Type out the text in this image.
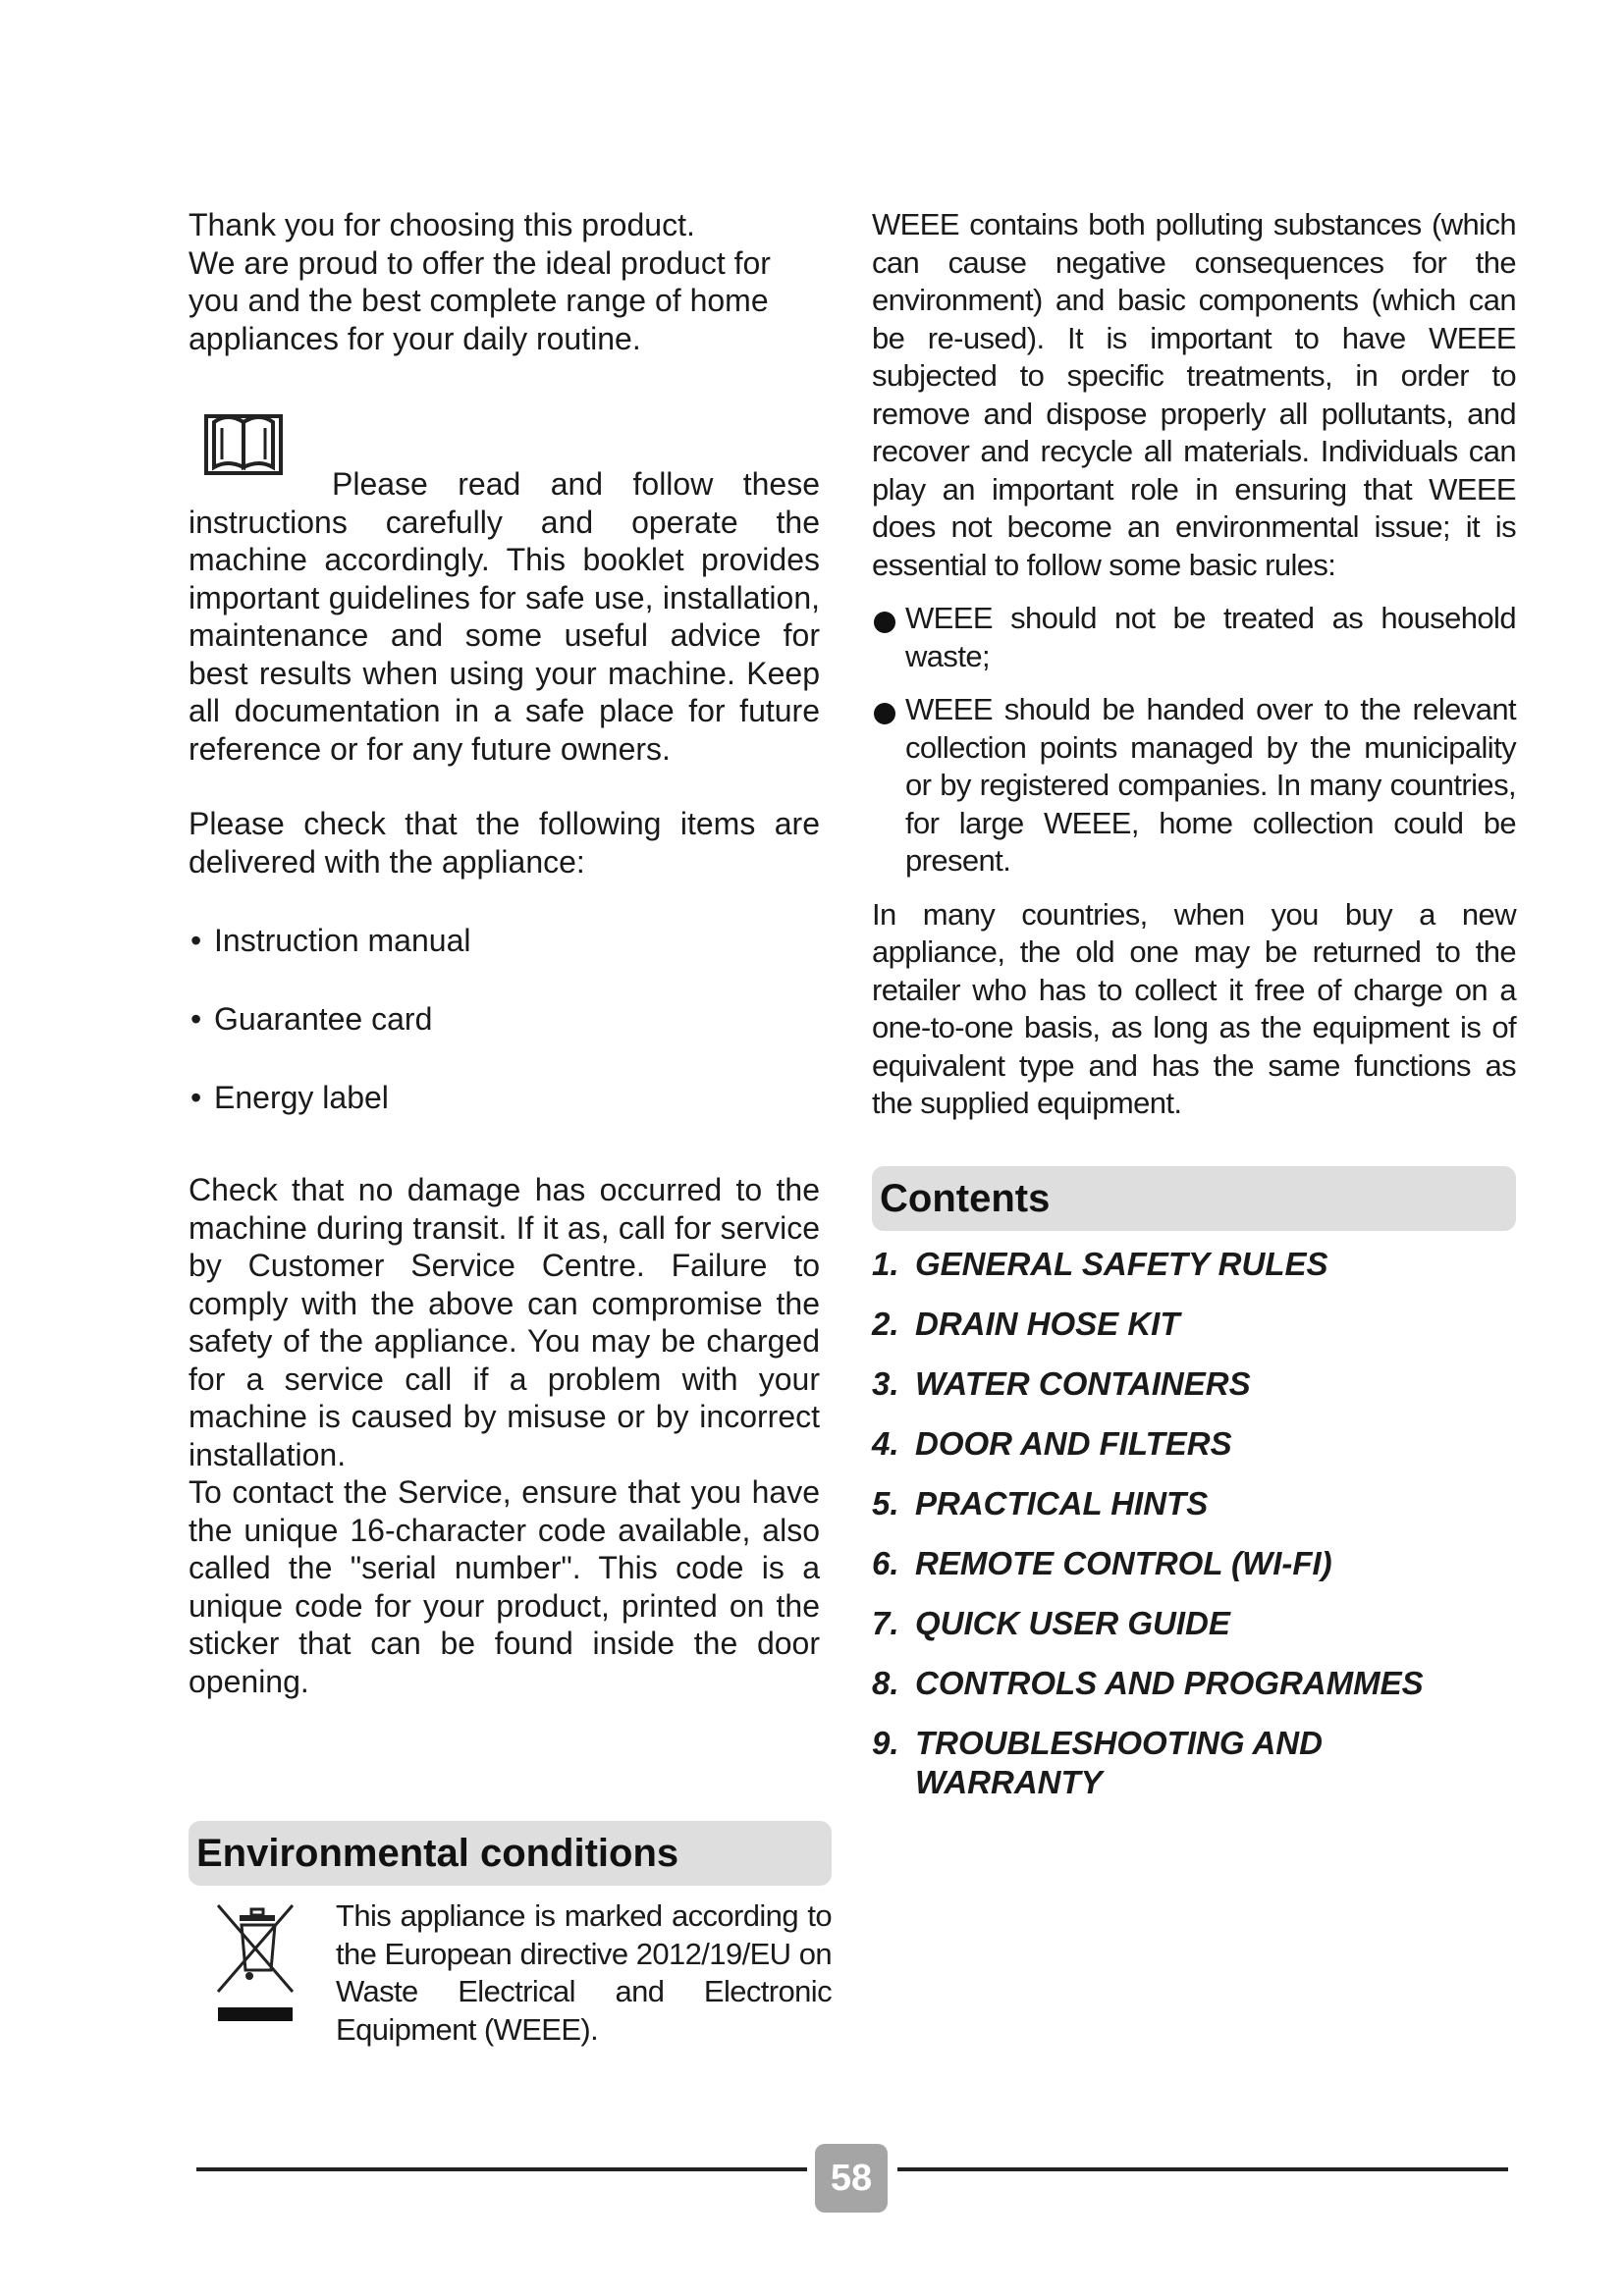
Thank you for choosing this product.

We are proud to offer the ideal product for you and the best complete range of home appliances for your daily routine.

Please read and follow these instructions carefully and operate the machine accordingly. This booklet provides important guidelines for safe use, installation, maintenance and some useful advice for best results when using your machine. Keep all documentation in a safe place for future reference or for any future owners.

Please check that the following items are delivered with the appliance:

• Instruction manual
• Guarantee card
• Energy label

Check that no damage has occurred to the machine during transit. If it as, call for service by Customer Service Centre. Failure to comply with the above can compromise the safety of the appliance. You may be charged for a service call if a problem with your machine is caused by misuse or by incorrect installation.

To contact the Service, ensure that you have the unique 16-character code available, also called the "serial number". This code is a unique code for your product, printed on the sticker that can be found inside the door opening.

Environmental conditions

This appliance is marked according to the European directive 2012/19/EU on Waste Electrical and Electronic Equipment (WEEE).

WEEE contains both polluting substances (which can cause negative consequences for the environment) and basic components (which can be re-used). It is important to have WEEE subjected to specific treatments, in order to remove and dispose properly all pollutants, and recover and recycle all materials. Individuals can play an important role in ensuring that WEEE does not become an environmental issue; it is essential to follow some basic rules:

WEEE should not be treated as household waste;
WEEE should be handed over to the relevant collection points managed by the municipality or by registered companies. In many countries, for large WEEE, home collection could be present.

In many countries, when you buy a new appliance, the old one may be returned to the retailer who has to collect it free of charge on a one-to-one basis, as long as the equipment is of equivalent type and has the same functions as the supplied equipment.

Contents
1. GENERAL SAFETY RULES
2. DRAIN HOSE KIT
3. WATER CONTAINERS
4. DOOR AND FILTERS
5. PRACTICAL HINTS
6. REMOTE CONTROL (WI-FI)
7. QUICK USER GUIDE
8. CONTROLS AND PROGRAMMES
9. TROUBLESHOOTING AND WARRANTY
58
